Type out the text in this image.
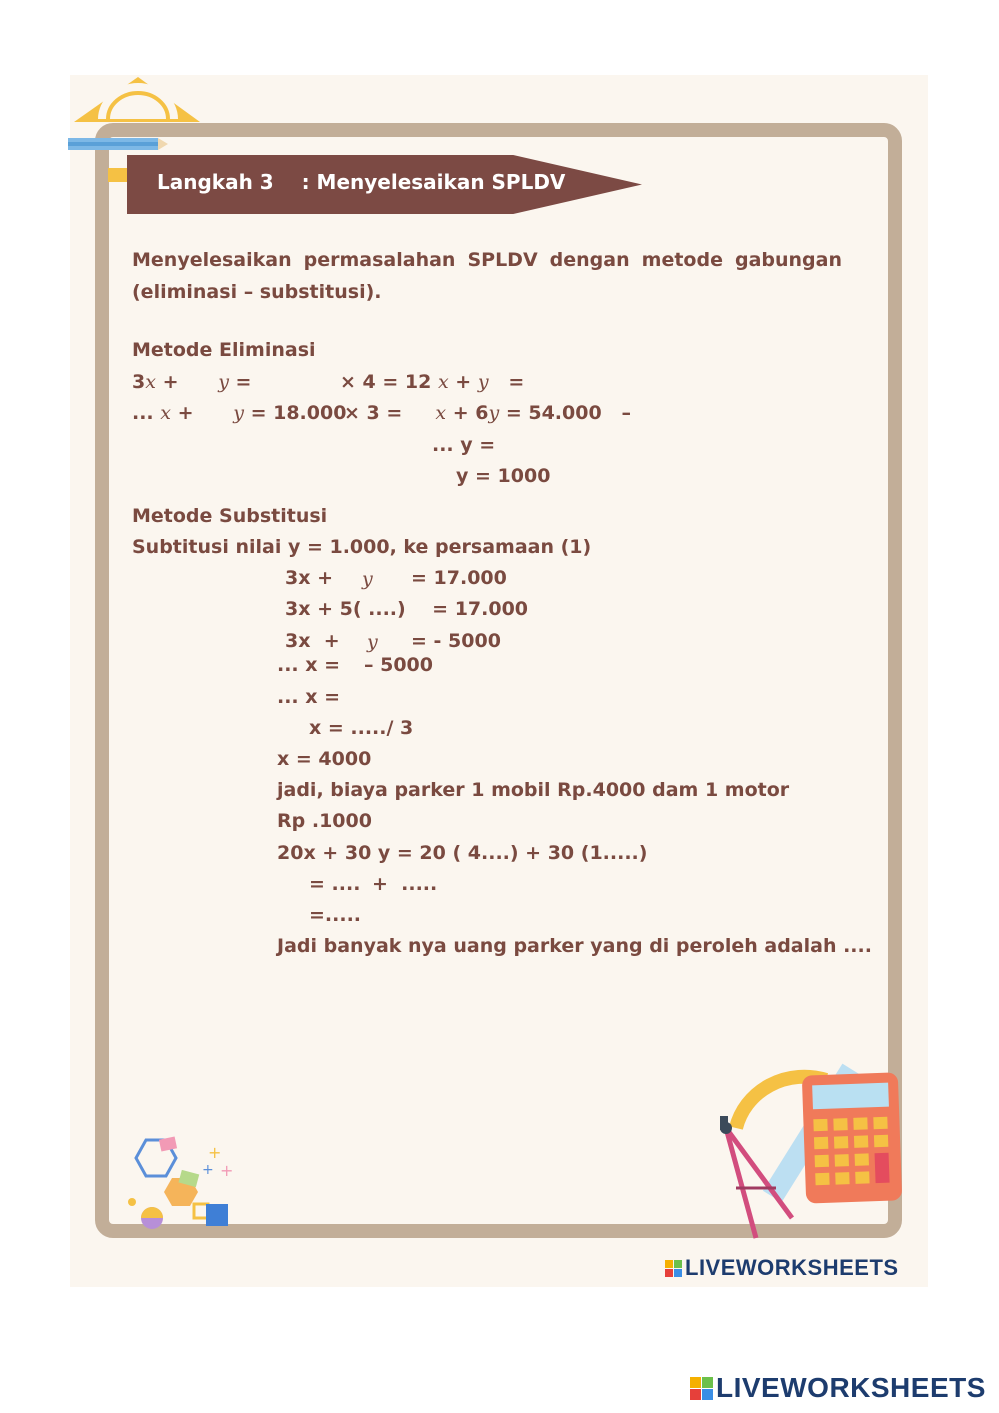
Langkah 3 : Menyelesaikan SPLDV
Menyelesaikan permasalahan SPLDV dengan metode gabungan (eliminasi – substitusi).
Metode Eliminasi
3x +      y =	× 4 = 12 x + y   =
... x +      y = 18.000
× 3 = x + 6y = 54.000   –
... y =
y = 1000
Metode Substitusi
Subtitusi nilai y = 1.000, ke persamaan (1)
3x + y = 17.000
3x + 5( ....)    = 17.000
3x  + y = - 5000
... x = – 5000
... x =
x = ...../ 3
x = 4000
jadi, biaya parker 1 mobil Rp.4000 dam 1 motor
Rp .1000
20x + 30 y = 20 ( 4....) + 30 (1.....)
= .... +  .....
=.....
Jadi banyak nya uang parker yang di peroleh adalah ....
+
+ +
LIVEWORKSHEETS
LIVEWORKSHEETS
